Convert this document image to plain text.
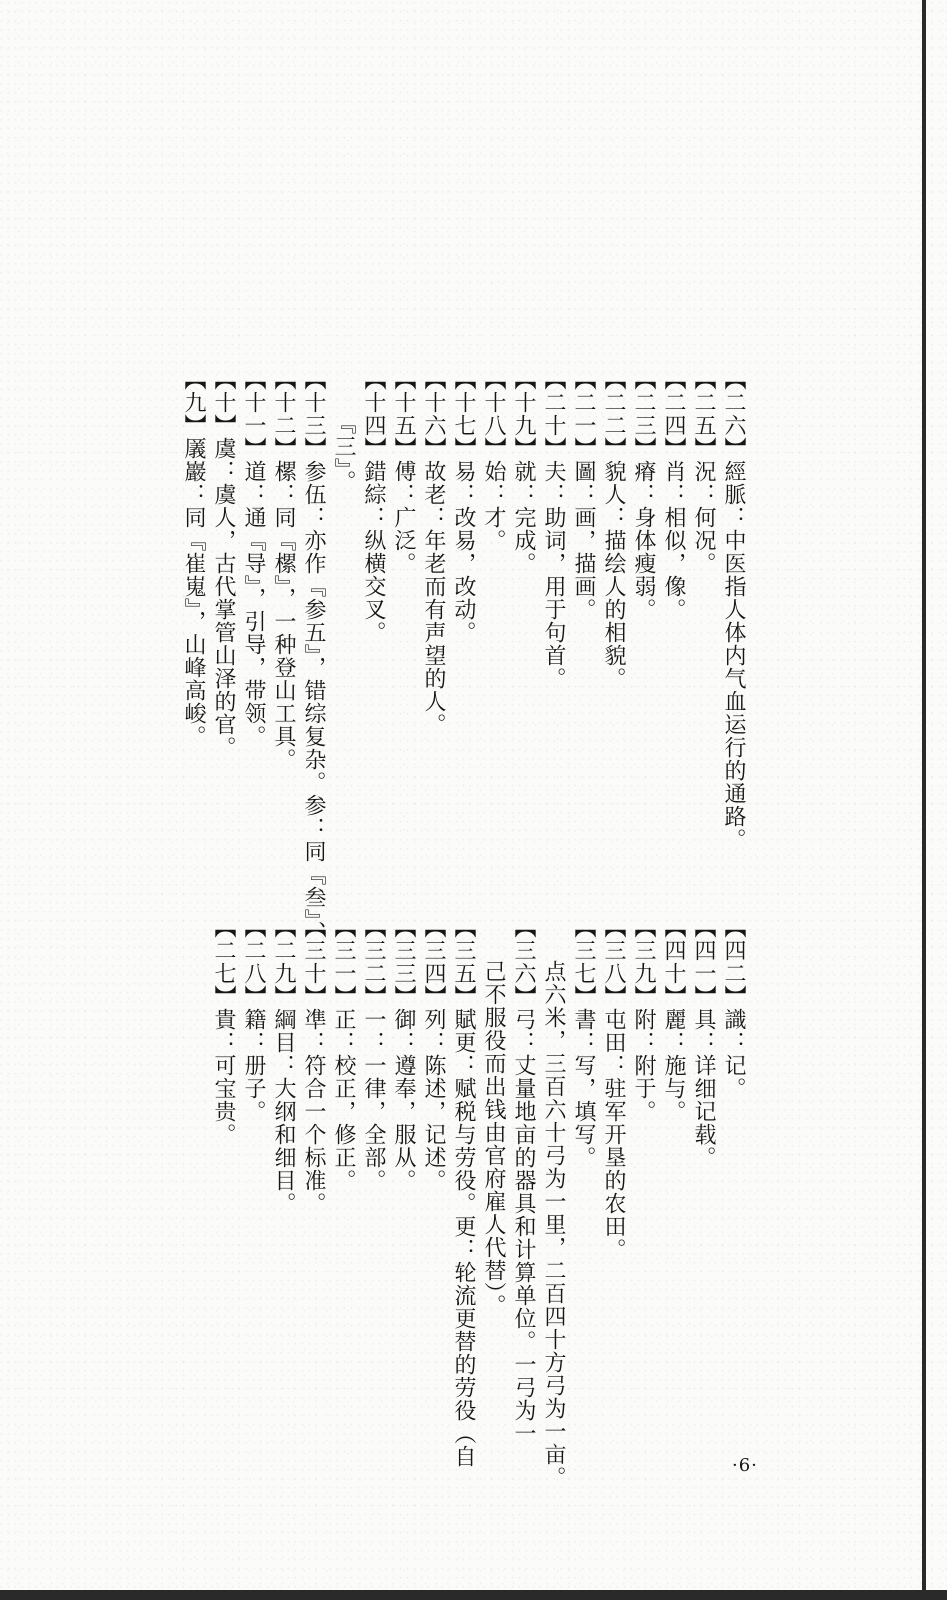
【二六】經脈：中医指人体内气血运行的通路。
【二五】況：何况。
【二四】肖：相似，像。
【二三】瘠：身体瘦弱。
【二二】貌人：描绘人的相貌。
【二一】圖：画，描画。
【二十】夫：助词，用于句首。
【十九】就：完成。
【十八】始：才。
【十七】易：改易，改动。
【十六】故老：年老而有声望的人。
【十五】傅：广泛。
【十四】錯綜：纵横交叉。
『三』。
【十三】参伍：亦作『参五』，错综复杂。参：同『叁』、
【十二】樏：同『樏』，一种登山工具。
【十一】道：通『导』，引导，带领。
【十】虞：虞人，古代掌管山泽的官。
【九】㕒巖：同『崔嵬』，山峰高峻。
【四二】識：记。
【四一】具：详细记载。
【四十】麗：施与。
【三九】附：附于。
【三八】屯田：驻军开垦的农田。
【三七】書：写，填写。
点六米，三百六十弓为一里，二百四十方弓为一亩。
【三六】弓：丈量地亩的器具和计算单位。一弓为一
己不服役而出钱由官府雇人代替）。
【三五】賦更：赋税与劳役。更：轮流更替的劳役（自
【三四】列：陈述，记述。
【三三】御：遵奉，服从。
【三二】一：一律，全部。
【三一】正：校正，修正。
【三十】凖：符合一个标准。
【二九】綱目：大纲和细目。
【二八】籍：册子。
【二七】貴：可宝贵。
·6·
